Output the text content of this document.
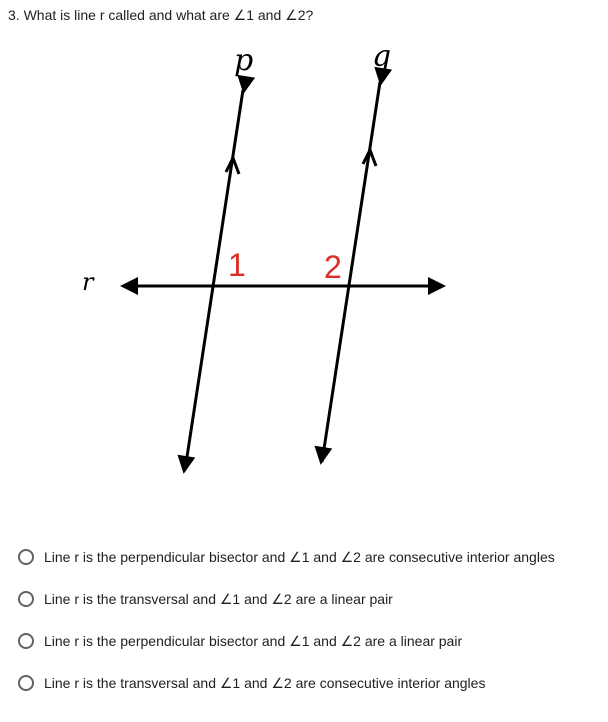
3. What is line r called and what are ∠1 and ∠2?
p	q
r	1 2
Line r is the perpendicular bisector and ∠1 and ∠2 are consecutive interior angles
Line r is the transversal and ∠1 and ∠2 are a linear pair
Line r is the perpendicular bisector and ∠1 and ∠2 are a linear pair
Line r is the transversal and ∠1 and ∠2 are consecutive interior angles
